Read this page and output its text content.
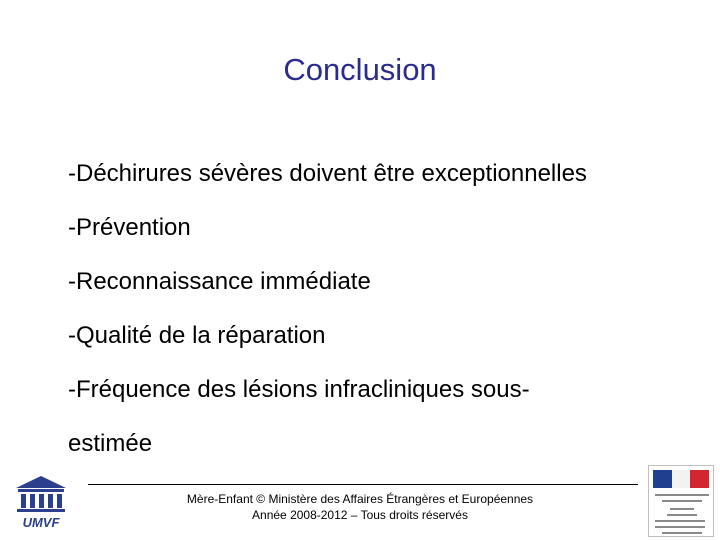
Conclusion
-Déchirures sévères doivent être exceptionnelles
-Prévention
-Reconnaissance immédiate
-Qualité de la réparation
-Fréquence des lésions infracliniques sous-
estimée
Mère-Enfant © Ministère des Affaires Étrangères et Européennes
Année 2008-2012 – Tous droits réservés
UMVF
